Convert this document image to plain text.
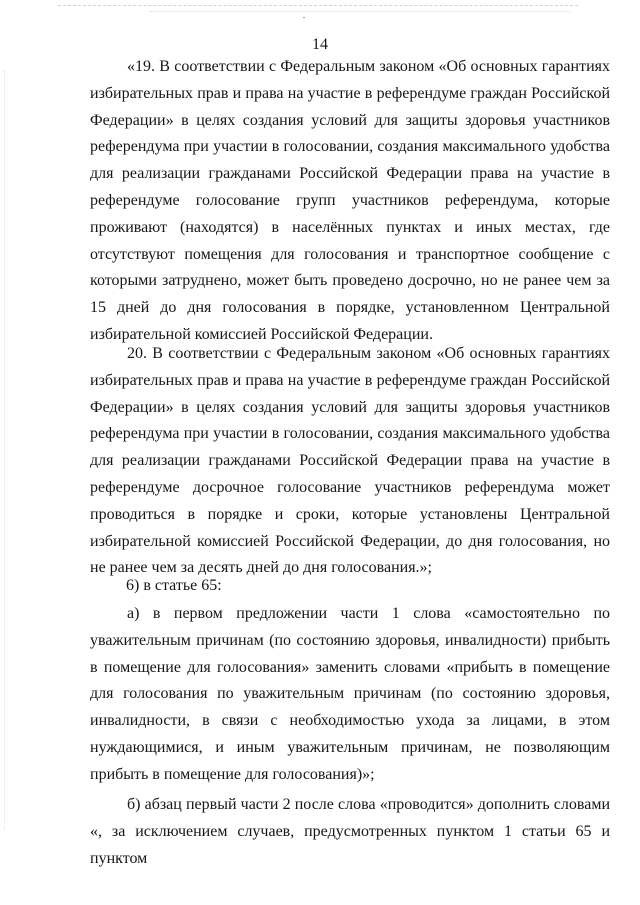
14

«19. В соответствии с Федеральным законом «Об основных гарантиях избирательных прав и права на участие в референдуме граждан Российской Федерации» в целях создания условий для защиты здоровья участников референдума при участии в голосовании, создания максимального удобства для реализации гражданами Российской Федерации права на участие в референдуме голосование групп участников референдума, которые проживают (находятся) в населённых пунктах и иных местах, где отсутствуют помещения для голосования и транспортное сообщение с которыми затруднено, может быть проведено досрочно, но не ранее чем за 15 дней до дня голосования в порядке, установленном Центральной избирательной комиссией Российской Федерации.

20. В соответствии с Федеральным законом «Об основных гарантиях избирательных прав и права на участие в референдуме граждан Российской Федерации» в целях создания условий для защиты здоровья участников референдума при участии в голосовании, создания максимального удобства для реализации гражданами Российской Федерации права на участие в референдуме досрочное голосование участников референдума может проводиться в порядке и сроки, которые установлены Центральной избирательной комиссией Российской Федерации, до дня голосования, но не ранее чем за десять дней до дня голосования.»;

6) в статье 65:

а) в первом предложении части 1 слова «самостоятельно по уважительным причинам (по состоянию здоровья, инвалидности) прибыть в помещение для голосования» заменить словами «прибыть в помещение для голосования по уважительным причинам (по состоянию здоровья, инвалидности, в связи с необходимостью ухода за лицами, в этом нуждающимися, и иным уважительным причинам, не позволяющим прибыть в помещение для голосования)»;

б) абзац первый части 2 после слова «проводится» дополнить словами «, за исключением случаев, предусмотренных пунктом 1 статьи 65 и пунктом
